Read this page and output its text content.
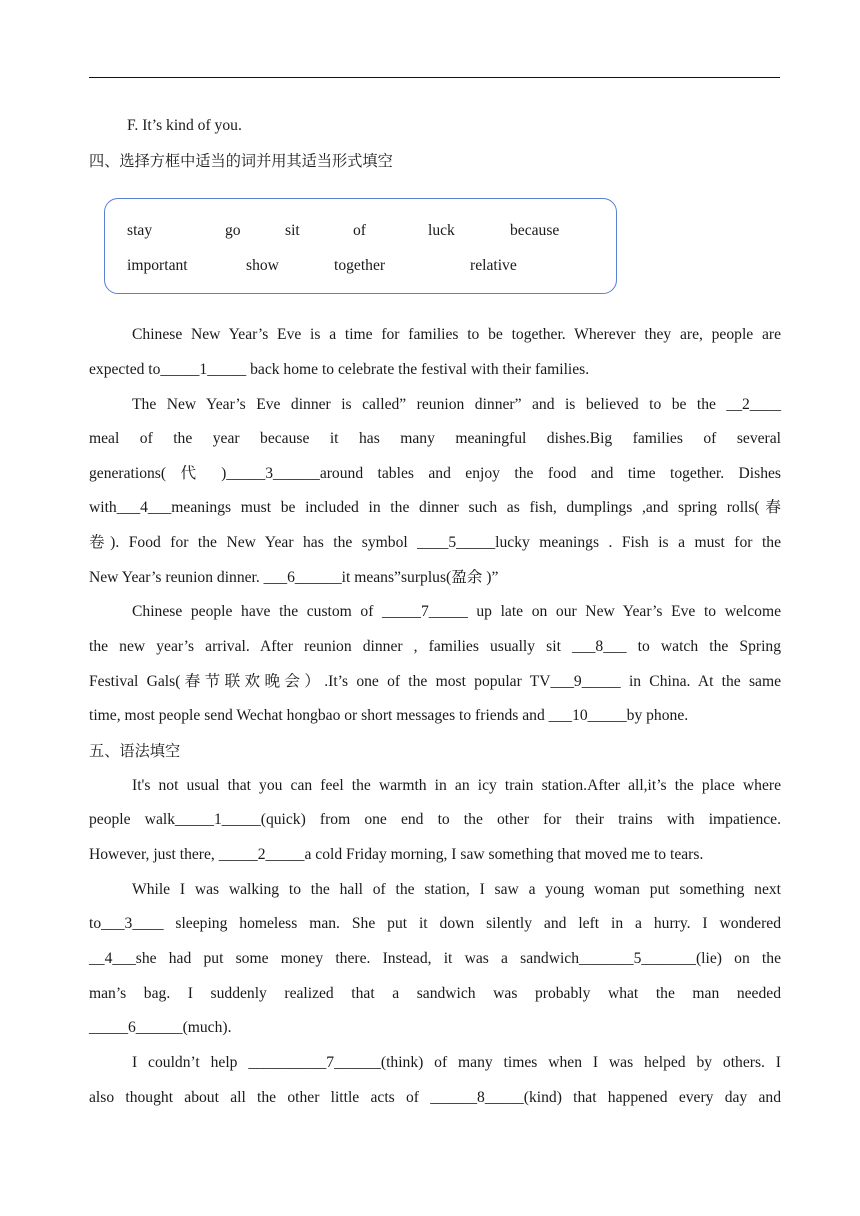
F. It’s kind of you.
四、选择方框中适当的词并用其适当形式填空
stay	go	sit	of	luck	because
important	show	together	relative
Chinese New Year’s Eve is a time for families to be together. Wherever they are, people are
expected to_____1_____ back home to celebrate the festival with their families.
The New Year’s Eve dinner is called” reunion dinner” and is believed to be the __2____
meal of the year because it has many meaningful dishes.Big families of several
generations( 代 )_____3______around tables and enjoy the food and time together. Dishes
with___4___meanings must be included in the dinner such as fish, dumplings ,and spring rolls(春
卷). Food for the New Year has the symbol ____5_____lucky meanings . Fish is a must for the
New Year’s reunion dinner. ___6______it means”surplus(盈余 )”
Chinese people have the custom of _____7_____ up late on our New Year’s Eve to welcome
the new year’s arrival. After reunion dinner , families usually sit ___8___ to watch the Spring
Festival Gals(春节联欢晚会）.It’s one of the most popular TV___9_____ in China. At the same
time, most people send Wechat hongbao or short messages to friends and ___10_____by phone.
五、语法填空
It's not usual that you can feel the warmth in an icy train station.After all,it’s the place where
people walk_____1_____(quick) from one end to the other for their trains with impatience.
However, just there, _____2_____a cold Friday morning, I saw something that moved me to tears.
While I was walking to the hall of the station, I saw a young woman put something next
to___3____ sleeping homeless man. She put it down silently and left in a hurry. I wondered
__4___she had put some money there. Instead, it was a sandwich_______5_______(lie) on the
man’s bag. I suddenly realized that a sandwich was probably what the man needed
_____6______(much).
I couldn’t help __________7______(think) of many times when I was helped by others. I
also thought about all the other little acts of ______8_____(kind) that happened every day and
